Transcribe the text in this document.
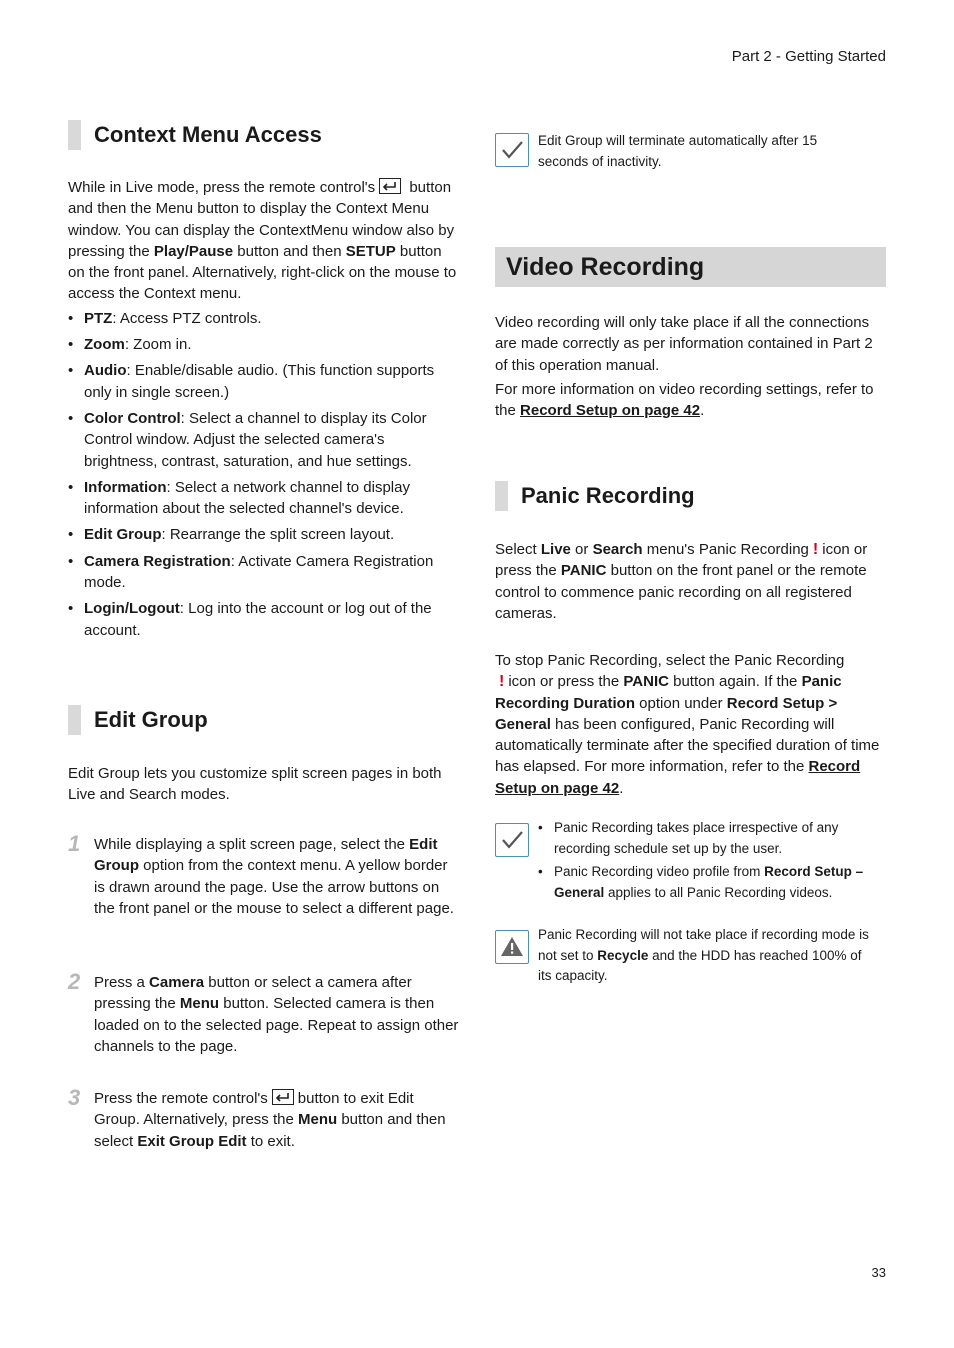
Part 2 - Getting Started
Context Menu Access

While in Live mode, press the remote control's button and then the Menu button to display the Context Menu window. You can display the ContextMenu window also by pressing the Play/Pause button and then SETUP button on the front panel. Alternatively, right-click on the mouse to access the Context menu.

• PTZ: Access PTZ controls.
• Zoom: Zoom in.
• Audio: Enable/disable audio. (This function supports only in single screen.)
• Color Control: Select a channel to display its Color Control window. Adjust the selected camera's brightness, contrast, saturation, and hue settings.
• Information: Select a network channel to display information about the selected channel's device.
• Edit Group: Rearrange the split screen layout.
• Camera Registration: Activate Camera Registration mode.
• Login/Logout: Log into the account or log out of the account.
Edit Group

Edit Group lets you customize split screen pages in both Live and Search modes.

1 While displaying a split screen page, select the Edit Group option from the context menu. A yellow border is drawn around the page. Use the arrow buttons on the front panel or the mouse to select a different page.
2 Press a Camera button or select a camera after pressing the Menu button. Selected camera is then loaded on to the selected page. Repeat to assign other channels to the page.
3 Press the remote control's button to exit Edit Group. Alternatively, press the Menu button and then select Exit Group Edit to exit.
Edit Group will terminate automatically after 15 seconds of inactivity.
Video Recording

Video recording will only take place if all the connections are made correctly as per information contained in Part 2 of this operation manual.

For more information on video recording settings, refer to the Record Setup on page 42.

Panic Recording

Select Live or Search menu's Panic Recording ! icon or press the PANIC button on the front panel or the remote control to commence panic recording on all registered cameras.

To stop Panic Recording, select the Panic Recording ! icon or press the PANIC button again. If the Panic Recording Duration option under Record Setup > General has been configured, Panic Recording will automatically terminate after the specified duration of time has elapsed. For more information, refer to the Record Setup on page 42.

• Panic Recording takes place irrespective of any recording schedule set up by the user.
• Panic Recording video profile from Record Setup – General applies to all Panic Recording videos.
Panic Recording will not take place if recording mode is not set to Recycle and the HDD has reached 100% of its capacity.
33
